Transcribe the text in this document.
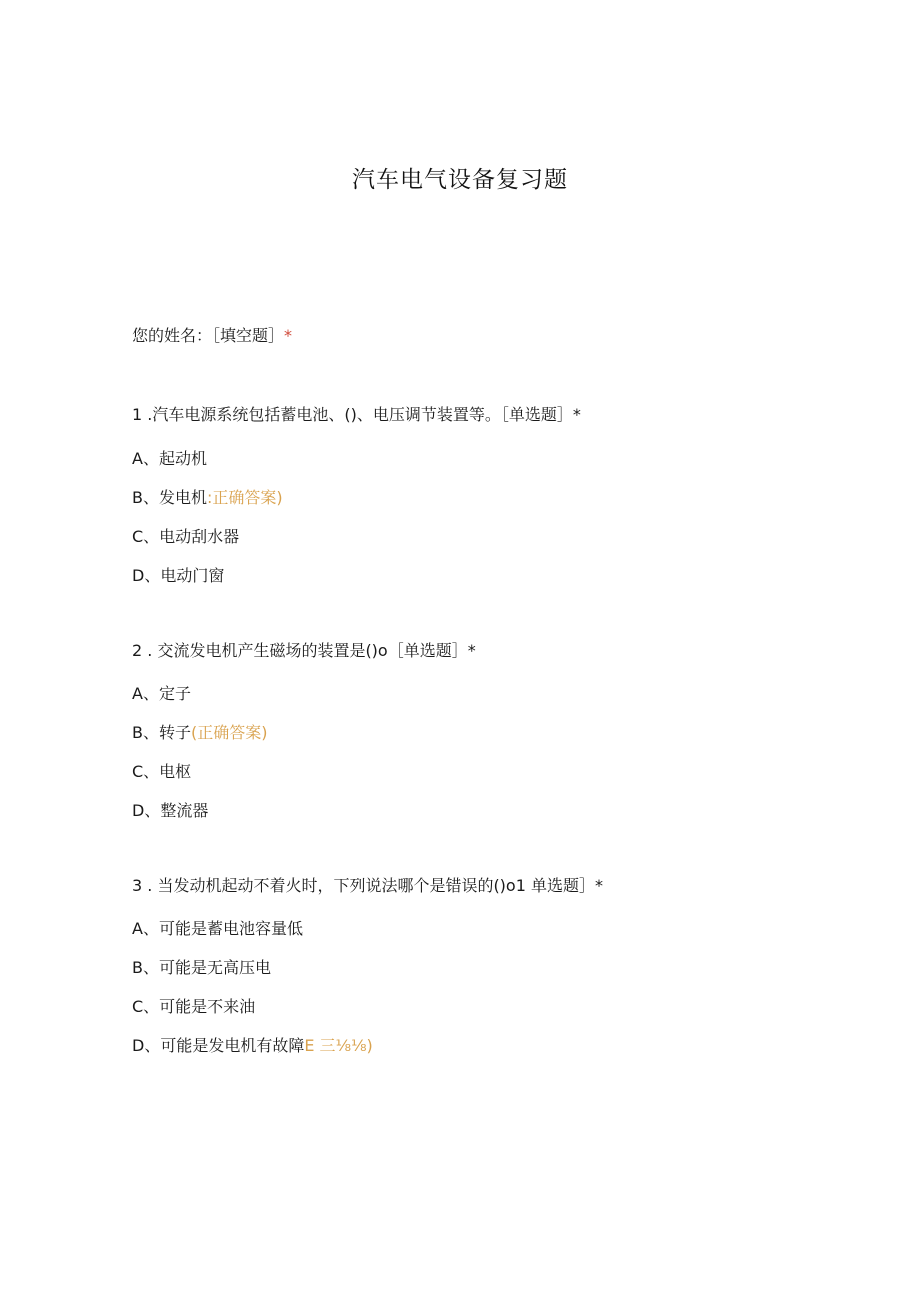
汽车电气设备复习题
您的姓名：［填空题］*
1 .汽车电源系统包括蓄电池、()、电压调节装置等。［单选题］*
A、起动机
B、发电机:正确答案)
C、电动刮水器
D、电动门窗
2 . 交流发电机产生磁场的装置是()o［单选题］*
A、定子
B、转子(正确答案)
C、电枢
D、整流器
3 . 当发动机起动不着火时，下列说法哪个是错误的()o1 单选题］*
A、可能是蓄电池容量低
B、可能是无高压电
C、可能是不来油
D、可能是发电机有故障E 三⅛⅛)
